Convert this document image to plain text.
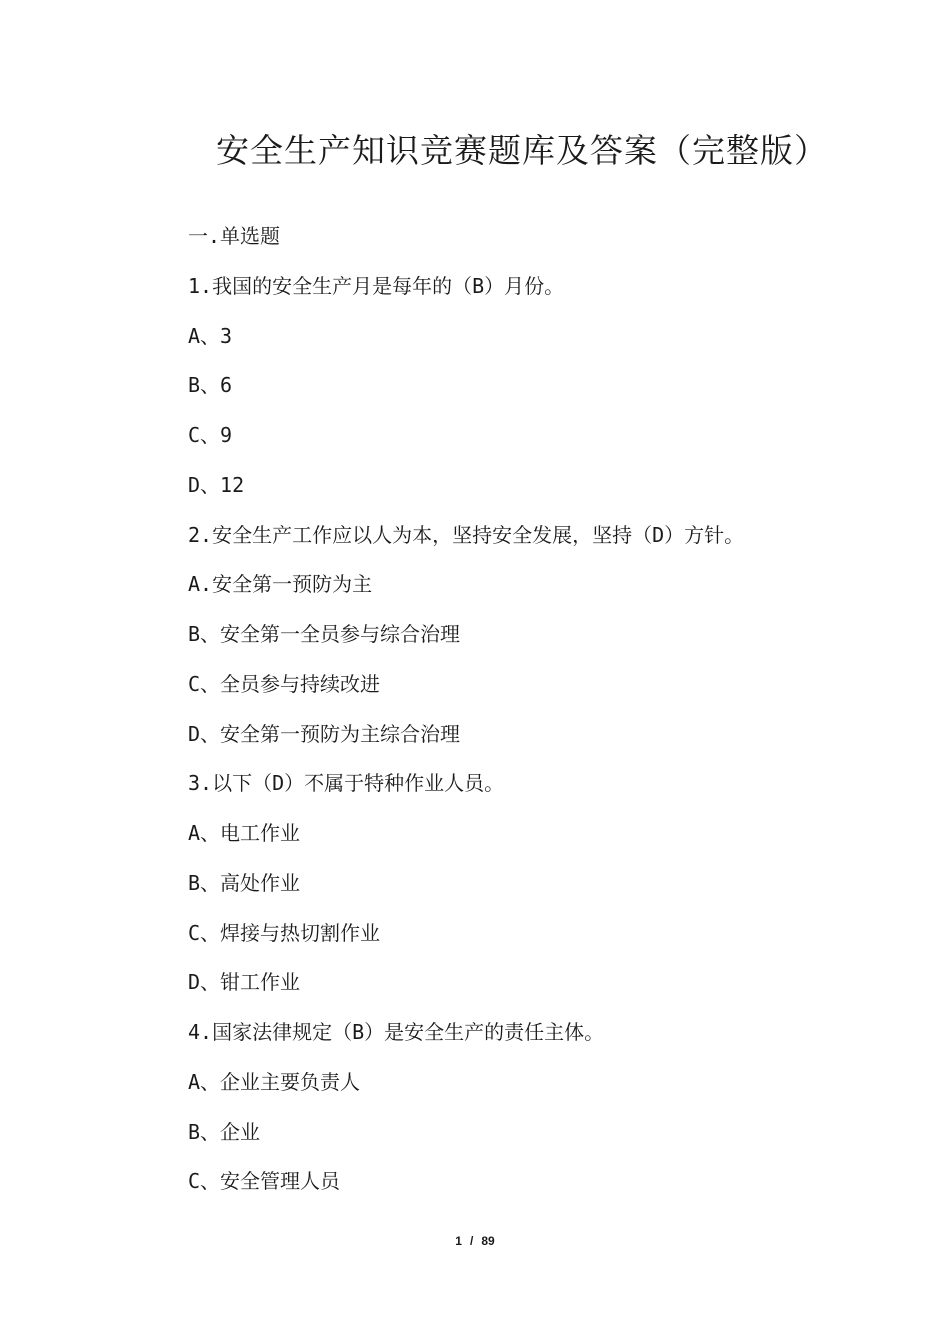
安全生产知识竞赛题库及答案（完整版）
一.单选题
1.我国的安全生产月是每年的（B）月份。
A、3
B、6
C、9
D、12
2.安全生产工作应以人为本，坚持安全发展，坚持（D）方针。
A.安全第一预防为主
B、安全第一全员参与综合治理
C、全员参与持续改进
D、安全第一预防为主综合治理
3.以下（D）不属于特种作业人员。
A、电工作业
B、高处作业
C、焊接与热切割作业
D、钳工作业
4.国家法律规定（B）是安全生产的责任主体。
A、企业主要负责人
B、企业
C、安全管理人员
1 / 89
